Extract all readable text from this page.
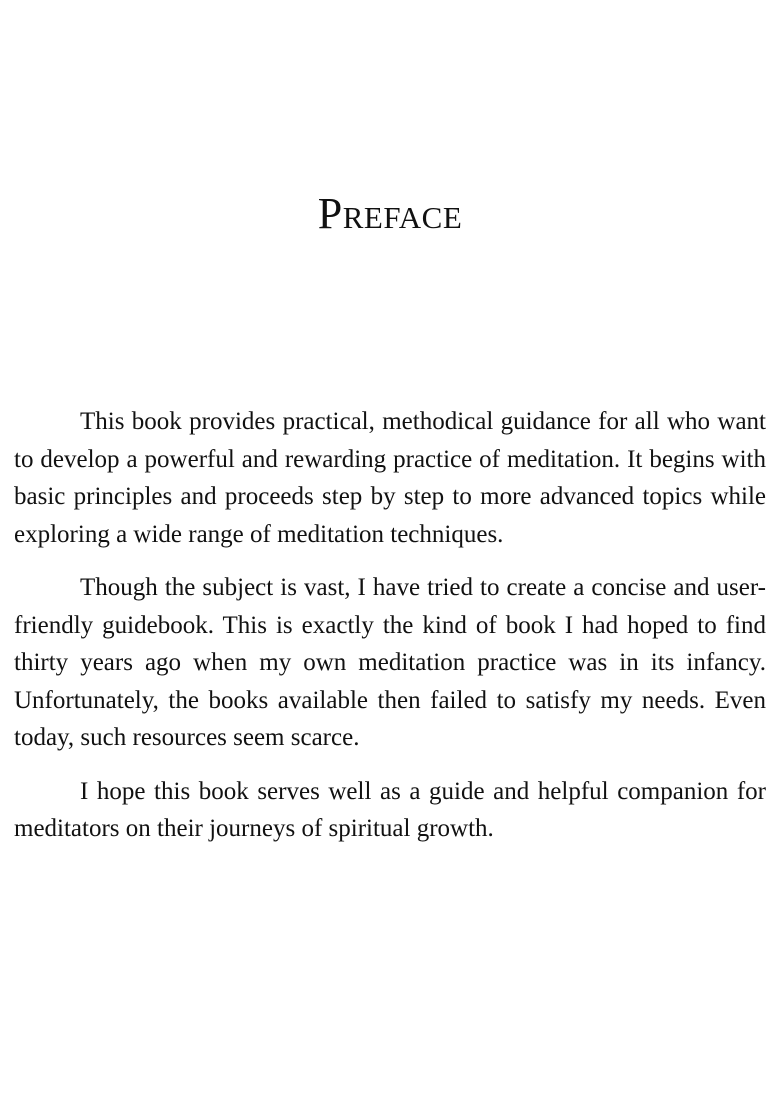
Preface

This book provides practical, methodical guidance for all who want to develop a powerful and rewarding practice of meditation. It begins with basic principles and proceeds step by step to more advanced topics while exploring a wide range of meditation techniques.

Though the subject is vast, I have tried to create a concise and user-friendly guidebook. This is exactly the kind of book I had hoped to find thirty years ago when my own meditation practice was in its infancy. Unfortunately, the books available then failed to satisfy my needs. Even today, such resources seem scarce.

I hope this book serves well as a guide and helpful companion for meditators on their journeys of spiritual growth.
